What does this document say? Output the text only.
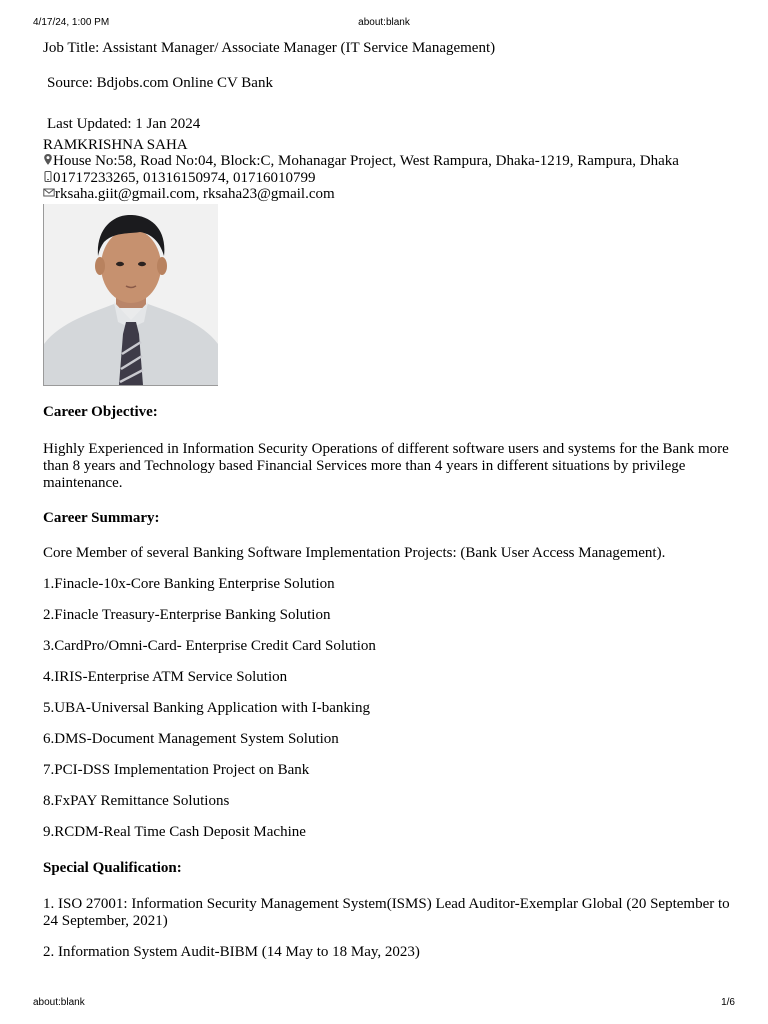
4/17/24, 1:00 PM	about:blank
Job Title: Assistant Manager/ Associate Manager (IT Service Management)
Source: Bdjobs.com Online CV Bank
Last Updated: 1 Jan 2024
RAMKRISHNA SAHA
House No:58, Road No:04, Block:C, Mohanagar Project, West Rampura, Dhaka-1219, Rampura, Dhaka
01717233265, 01316150974, 01716010799
rksaha.giit@gmail.com, rksaha23@gmail.com
Career Objective:
Highly Experienced in Information Security Operations of different software users and systems for the Bank more than 8 years and Technology based Financial Services more than 4 years in different situations by privilege maintenance.
Career Summary:
Core Member of several Banking Software Implementation Projects: (Bank User Access Management).
1.Finacle-10x-Core Banking Enterprise Solution
2.Finacle Treasury-Enterprise Banking Solution
3.CardPro/Omni-Card- Enterprise Credit Card Solution
4.IRIS-Enterprise ATM Service Solution
5.UBA-Universal Banking Application with I-banking
6.DMS-Document Management System Solution
7.PCI-DSS Implementation Project on Bank
8.FxPAY Remittance Solutions
9.RCDM-Real Time Cash Deposit Machine
Special Qualification:
1. ISO 27001: Information Security Management System(ISMS) Lead Auditor-Exemplar Global (20 September to 24 September, 2021)
2. Information System Audit-BIBM (14 May to 18 May, 2023)
about:blank	1/6
